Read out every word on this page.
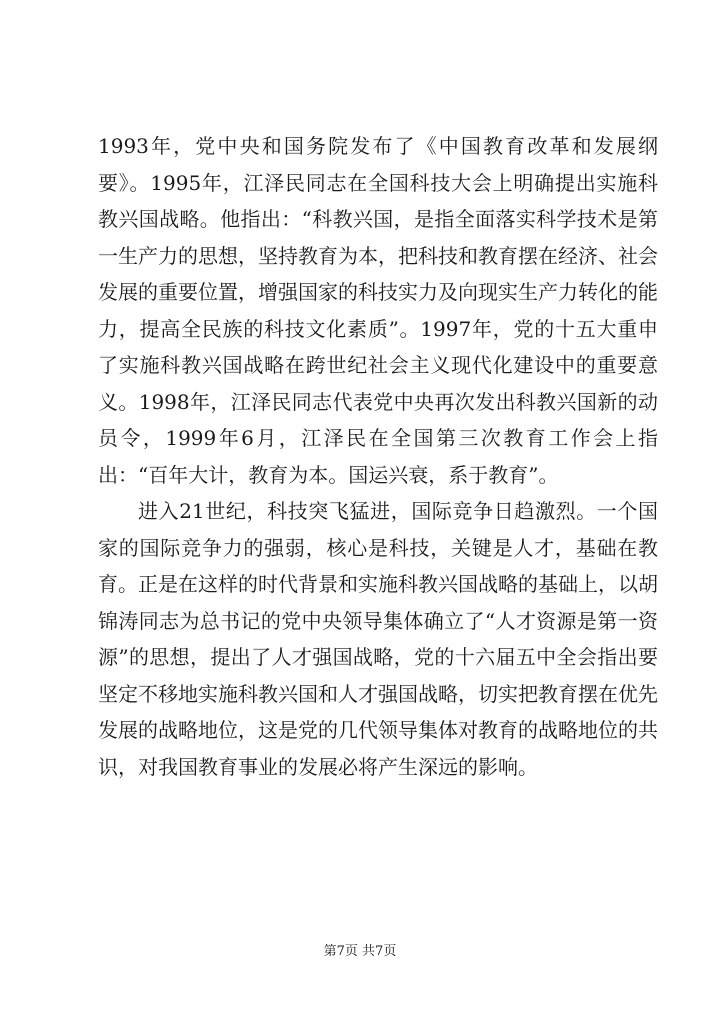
1993年，党中央和国务院发布了《中国教育改革和发展纲要》。1995年，江泽民同志在全国科技大会上明确提出实施科教兴国战略。他指出：“科教兴国，是指全面落实科学技术是第一生产力的思想，坚持教育为本，把科技和教育摆在经济、社会发展的重要位置，增强国家的科技实力及向现实生产力转化的能力，提高全民族的科技文化素质”。1997年，党的十五大重申了实施科教兴国战略在跨世纪社会主义现代化建设中的重要意义。1998年，江泽民同志代表党中央再次发出科教兴国新的动员令，1999年6月，江泽民在全国第三次教育工作会上指出：“百年大计，教育为本。国运兴衰，系于教育”。

进入21世纪，科技突飞猛进，国际竞争日趋激烈。一个国家的国际竞争力的强弱，核心是科技，关键是人才，基础在教育。正是在这样的时代背景和实施科教兴国战略的基础上，以胡锦涛同志为总书记的党中央领导集体确立了“人才资源是第一资源”的思想，提出了人才强国战略，党的十六届五中全会指出要坚定不移地实施科教兴国和人才强国战略，切实把教育摆在优先发展的战略地位，这是党的几代领导集体对教育的战略地位的共识，对我国教育事业的发展必将产生深远的影响。

第7页 共7页
